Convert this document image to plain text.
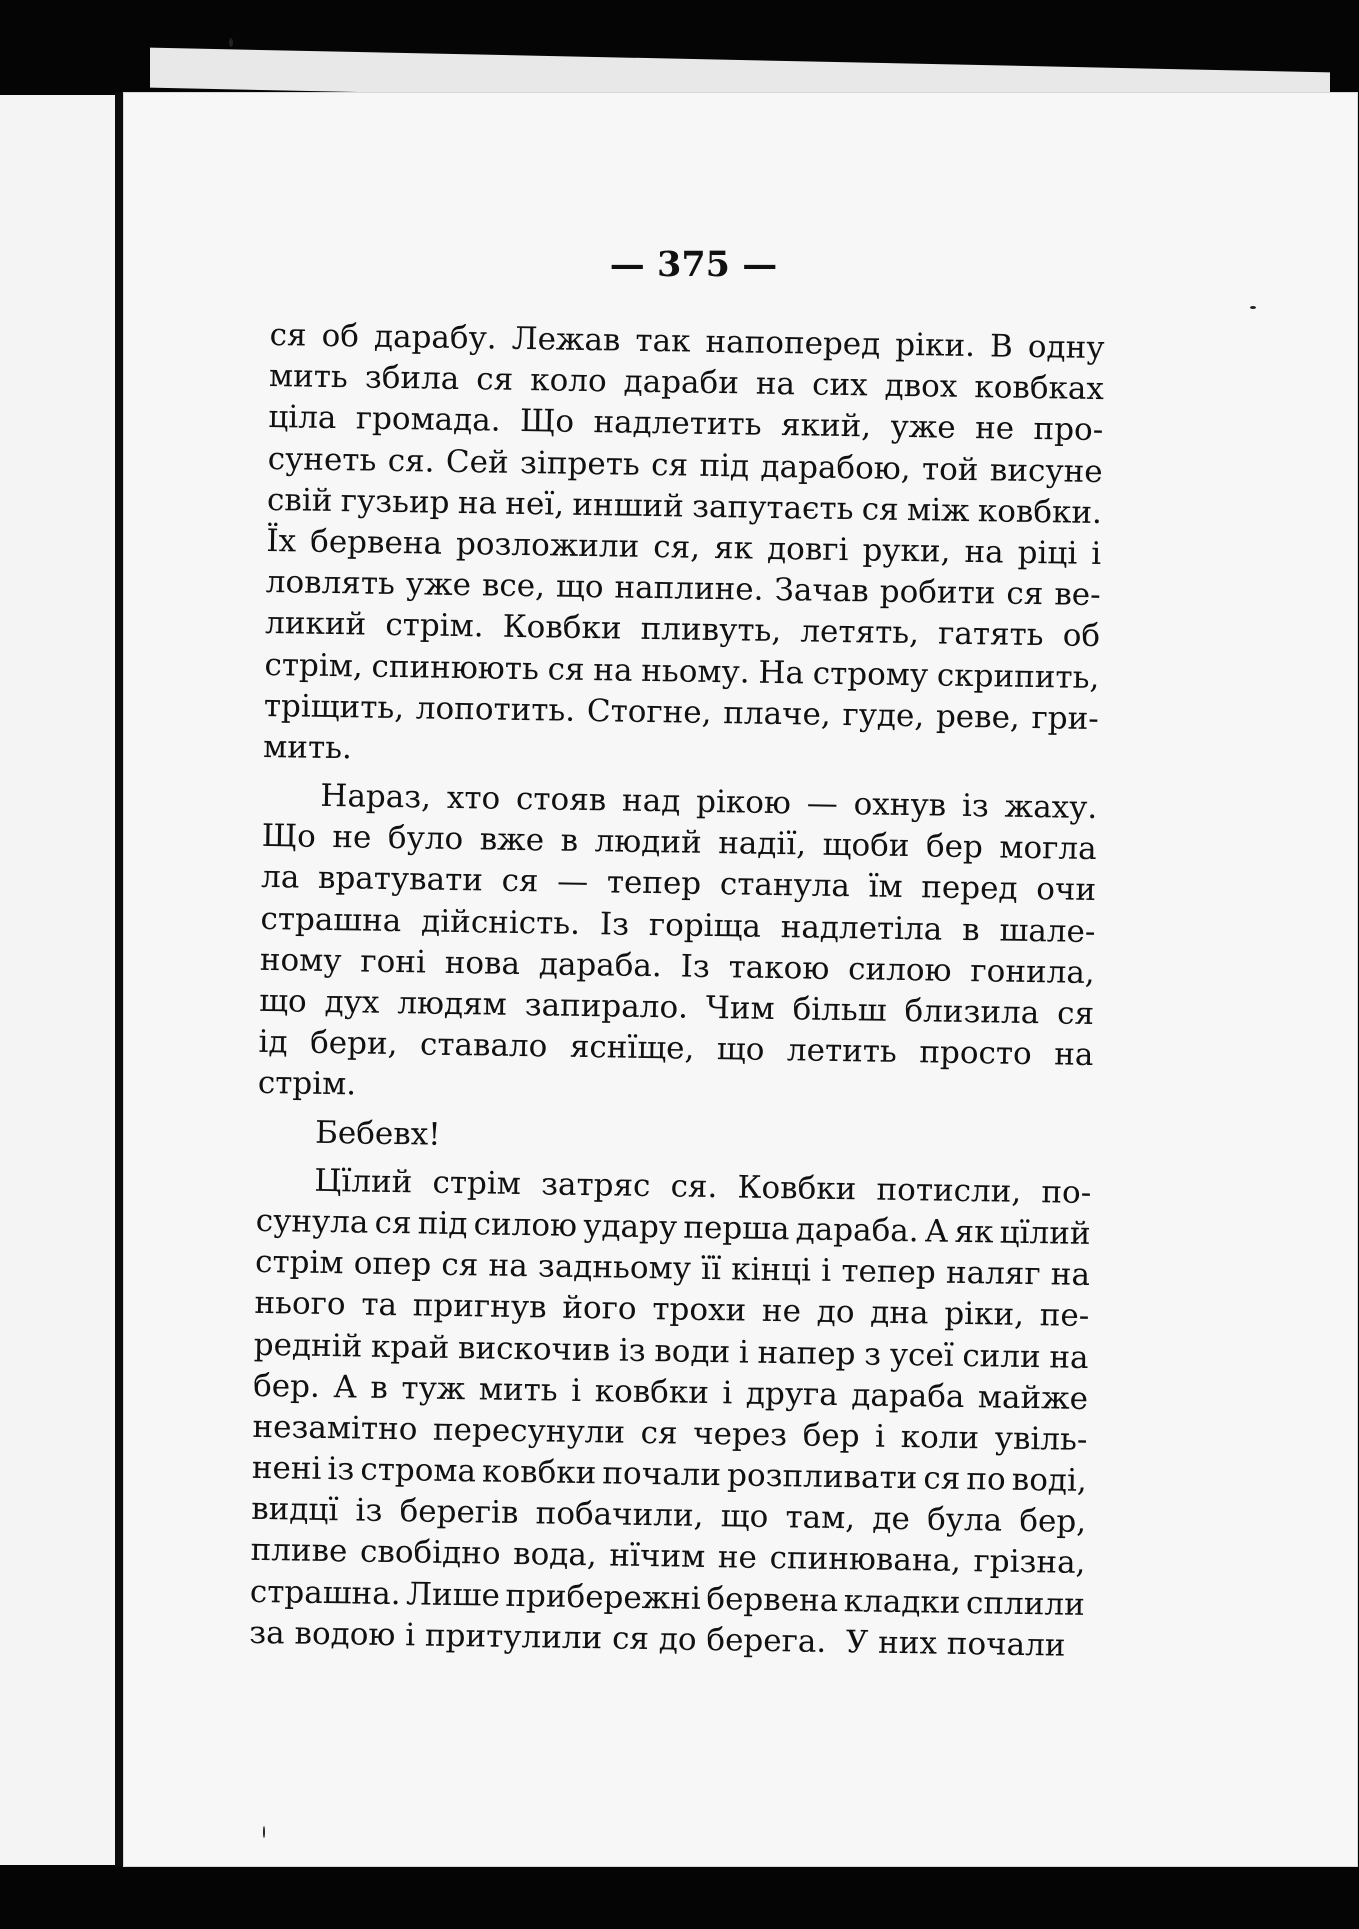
— 375 —
ся об дарабу. Лежав так напоперед ріки. В одну
мить збила ся коло дараби на сих двох ковбках
ціла громада. Що надлетить який, уже не про-
сунеть ся. Сей зіпреть ся під дарабою, той висуне
свій гузьир на неї, инший запутаєть ся між ковбки.
Їх бервена розложили ся, як довгі руки, на ріці і
ловлять уже все, що наплине. Зачав робити ся ве-
ликий стрім. Ковбки пливуть, летять, гатять об
стрім, спинюють ся на ньому. На строму скрипить,
тріщить, лопотить. Стогне, плаче, гуде, реве, гри-
мить.
Нараз, хто стояв над рікою — охнув із жаху.
Що не було вже в людий надії, щоби бер могла
ла вратувати ся — тепер станула їм перед очи
страшна дійсність. Із горіща надлетіла в шале-
ному гоні нова дараба. Із такою силою гонила,
що дух людям запирало. Чим більш близила ся
ід бери, ставало яснїще, що летить просто на
стрім.
Бебевх!
Цїлий стрім затряс ся. Ковбки потисли, по-
сунула ся під силою удару перша дараба. А як цїлий
стрім опер ся на задньому її кінці і тепер наляг на
нього та пригнув його трохи не до дна ріки, пе-
редній край вискочив із води і напер з усеї сили на
бер. А в туж мить і ковбки і друга дараба майже
незамітно пересунули ся через бер і коли увіль-
нені із строма ковбки почали розпливати ся по воді,
видцї із берегів побачили, що там, де була бер,
пливе свобідно вода, нїчим не спинювана, грізна,
страшна. Лише прибережні бервена кладки сплили
за водою і притулили ся до берега.  У них почали
